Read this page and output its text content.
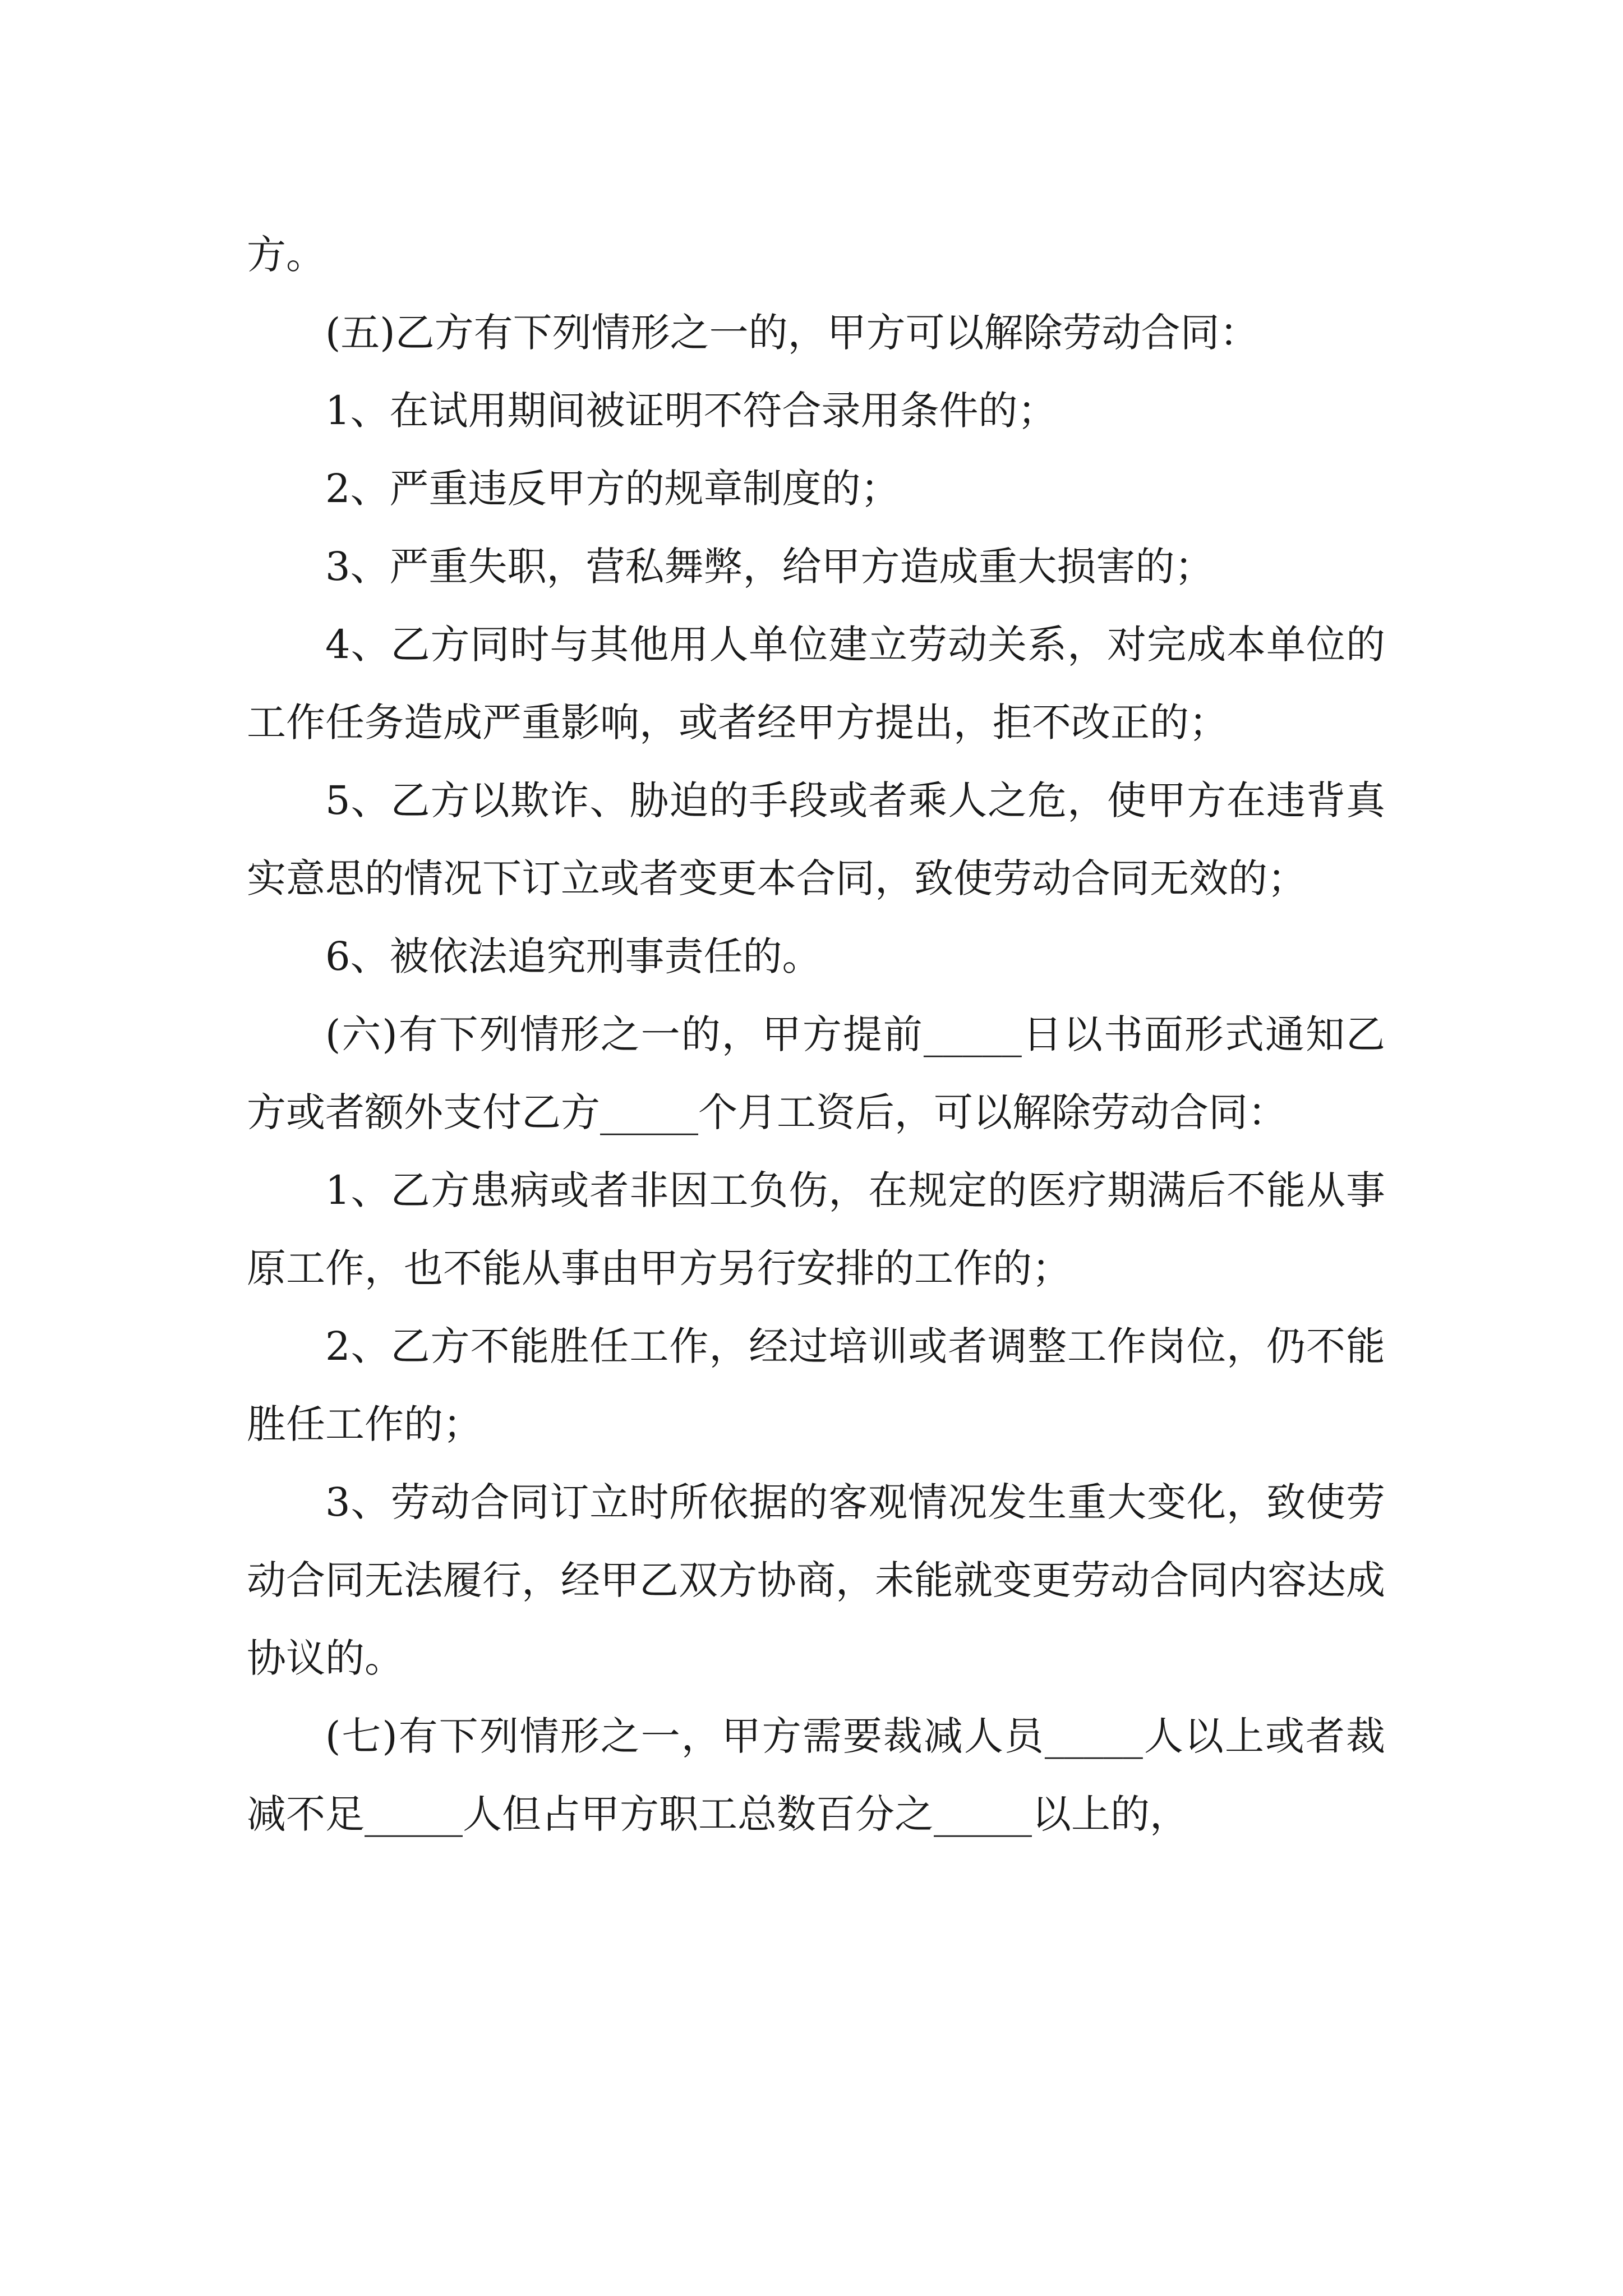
方。

(五)乙方有下列情形之一的，甲方可以解除劳动合同：

1、在试用期间被证明不符合录用条件的；

2、严重违反甲方的规章制度的；

3、严重失职，营私舞弊，给甲方造成重大损害的；

4、乙方同时与其他用人单位建立劳动关系，对完成本单位的工作任务造成严重影响，或者经甲方提出，拒不改正的；

5、乙方以欺诈、胁迫的手段或者乘人之危，使甲方在违背真实意思的情况下订立或者变更本合同，致使劳动合同无效的；

6、被依法追究刑事责任的。

(六)有下列情形之一的，甲方提前_____日以书面形式通知乙方或者额外支付乙方_____个月工资后，可以解除劳动合同：

1、乙方患病或者非因工负伤，在规定的医疗期满后不能从事原工作，也不能从事由甲方另行安排的工作的；

2、乙方不能胜任工作，经过培训或者调整工作岗位，仍不能胜任工作的；

3、劳动合同订立时所依据的客观情况发生重大变化，致使劳动合同无法履行，经甲乙双方协商，未能就变更劳动合同内容达成协议的。

(七)有下列情形之一，甲方需要裁减人员_____人以上或者裁减不足_____人但占甲方职工总数百分之_____以上的，
